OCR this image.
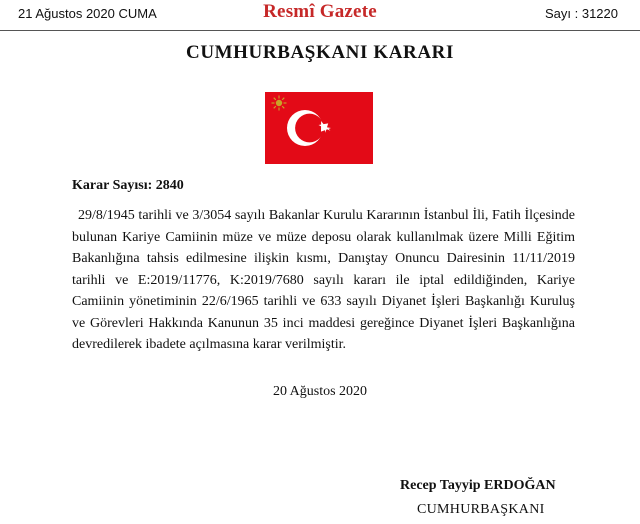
21 Ağustos 2020 CUMA	Resmî Gazete	Sayı : 31220
CUMHURBAŞKANI KARARI
Karar Sayısı: 2840
29/8/1945 tarihli ve 3/3054 sayılı Bakanlar Kurulu Kararının İstanbul İli, Fatih İlçesinde bulunan Kariye Camiinin müze ve müze deposu olarak kullanılmak üzere Milli Eğitim Bakanlığına tahsis edilmesine ilişkin kısmı, Danıştay Onuncu Dairesinin 11/11/2019 tarihli ve E:2019/11776, K:2019/7680 sayılı kararı ile iptal edildiğinden, Kariye Camiinin yönetiminin 22/6/1965 tarihli ve 633 sayılı Diyanet İşleri Başkanlığı Kuruluş ve Görevleri Hakkında Kanunun 35 inci maddesi gereğince Diyanet İşleri Başkanlığına devredilerek ibadete açılmasına karar verilmiştir.
20 Ağustos 2020
Recep Tayyip ERDOĞAN
CUMHURBAŞKANI
